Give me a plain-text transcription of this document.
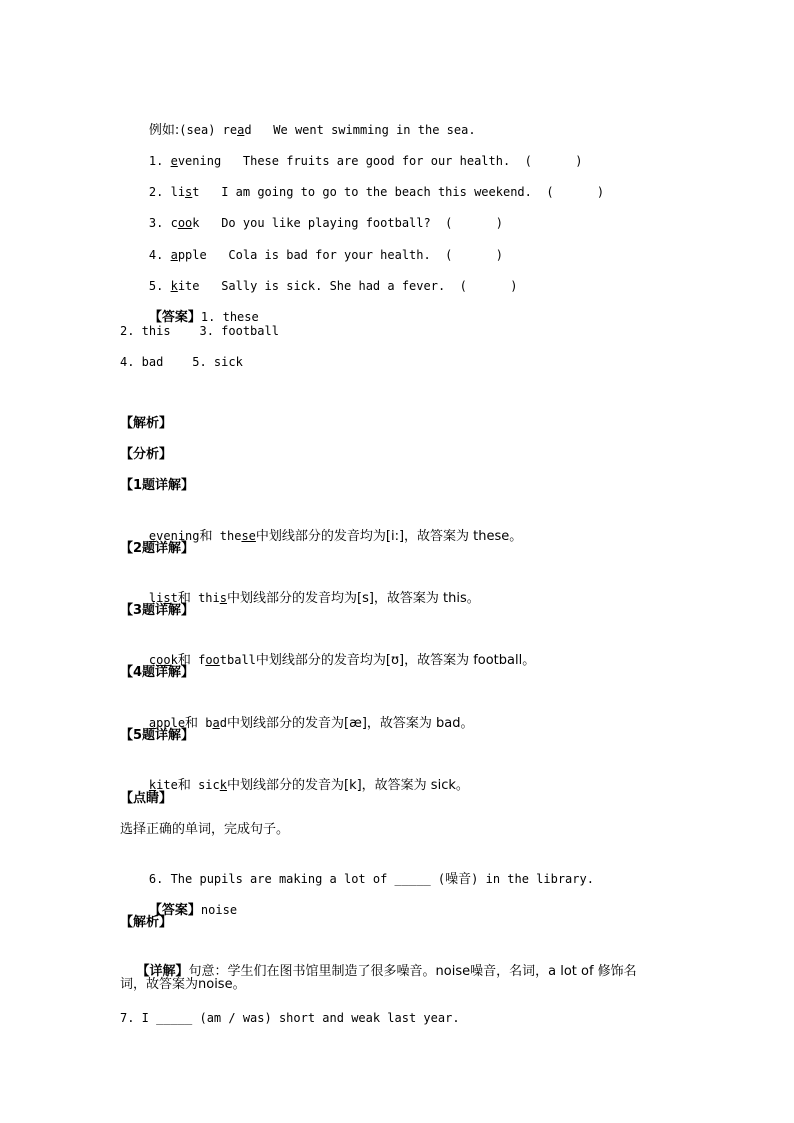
例如:(sea) read We went swimming in the sea.

1. evening These fruits are good for our health. (      )

2. list I am going to go to the beach this weekend. (      )

3. cook Do you like playing football? (      )

4. apple Cola is bad for your health. (      )

5. kite Sally is sick. She had a fever. (      )

【答案】1. these

2. this    3. football
4. bad    5. sick
【解析】
【分析】
【1题详解】

evening和 these中划线部分的发音均为[i:]，故答案为 these。

【2题详解】

list和 this中划线部分的发音均为[s]，故答案为 this。

【3题详解】

cook和 football中划线部分的发音均为[ʊ]，故答案为 football。

【4题详解】

apple和 bad中划线部分的发音为[æ]，故答案为 bad。

【5题详解】

kite和 sick中划线部分的发音为[k]，故答案为 sick。

【点睛】
选择正确的单词，完成句子。

6. The pupils are making a lot of _____ (噪音) in the library.

【答案】noise

【解析】

【详解】句意：学生们在图书馆里制造了很多噪音。noise噪音，名词，a lot of 修饰名

词，故答案为noise。
7. I _____ (am / was) short and weak last year.
